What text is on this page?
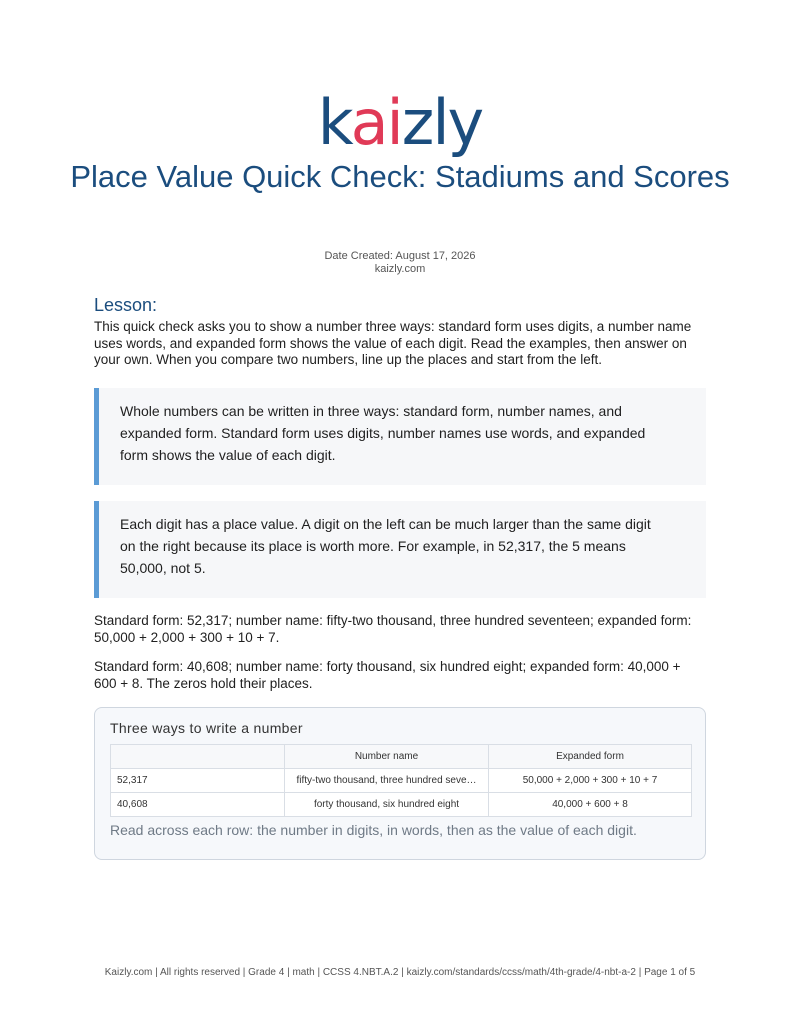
kaizly
Place Value Quick Check: Stadiums and Scores
Date Created: August 17, 2026
kaizly.com
Lesson:
This quick check asks you to show a number three ways: standard form uses digits, a number name uses words, and expanded form shows the value of each digit. Read the examples, then answer on your own. When you compare two numbers, line up the places and start from the left.
Whole numbers can be written in three ways: standard form, number names, and expanded form. Standard form uses digits, number names use words, and expanded form shows the value of each digit.
Each digit has a place value. A digit on the left can be much larger than the same digit on the right because its place is worth more. For example, in 52,317, the 5 means 50,000, not 5.
Standard form: 52,317; number name: fifty-two thousand, three hundred seventeen; expanded form: 50,000 + 2,000 + 300 + 10 + 7.
Standard form: 40,608; number name: forty thousand, six hundred eight; expanded form: 40,000 + 600 + 8. The zeros hold their places.
Three ways to write a number
	Number name	Expanded form
52,317	fifty-two thousand, three hundred seve…	50,000 + 2,000 + 300 + 10 + 7
40,608	forty thousand, six hundred eight	40,000 + 600 + 8
Read across each row: the number in digits, in words, then as the value of each digit.
Kaizly.com | All rights reserved | Grade 4 | math | CCSS 4.NBT.A.2 | kaizly.com/standards/ccss/math/4th-grade/4-nbt-a-2 | Page 1 of 5
